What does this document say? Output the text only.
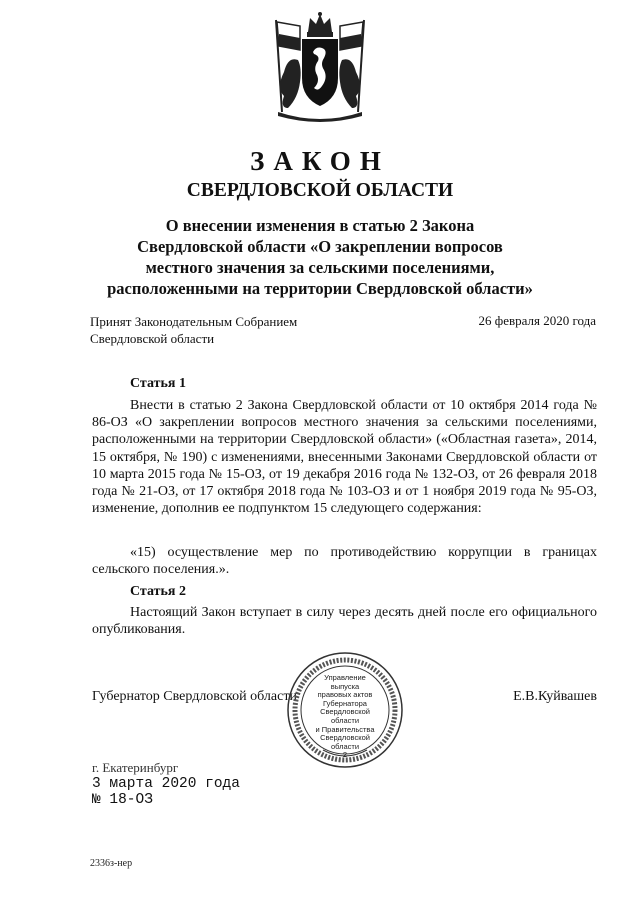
ЗАКОН
СВЕРДЛОВСКОЙ ОБЛАСТИ
О внесении изменения в статью 2 Закона
Свердловской области «О закреплении вопросов
местного значения за сельскими поселениями,
расположенными на территории Свердловской области»
Принят Законодательным Собранием
Свердловской области
26 февраля 2020 года
Статья 1

Внести в статью 2 Закона Свердловской области от 10 октября 2014 года № 86-ОЗ «О закреплении вопросов местного значения за сельскими поселениями, расположенными на территории Свердловской области» («Областная газета», 2014, 15 октября, № 190) с изменениями, внесенными Законами Свердловской области от 10 марта 2015 года № 15-ОЗ, от 19 декабря 2016 года № 132-ОЗ, от 26 февраля 2018 года № 21-ОЗ, от 17 октября 2018 года № 103-ОЗ и от 1 ноября 2019 года № 95-ОЗ, изменение, дополнив ее подпунктом 15 следующего содержания:

«15) осуществление мер по противодействию коррупции в границах сельского поселения.».

Статья 2

Настоящий Закон вступает в силу через десять дней после его официального опубликования.

Губернатор Свердловской области	Е.В.Куйвашев
Управление
выпуска
правовых актов
Губернатора
Свердловской области
и Правительства
Свердловской
области
2
г. Екатеринбург
3 марта 2020 года
№ 18-ОЗ
2336з-нер
